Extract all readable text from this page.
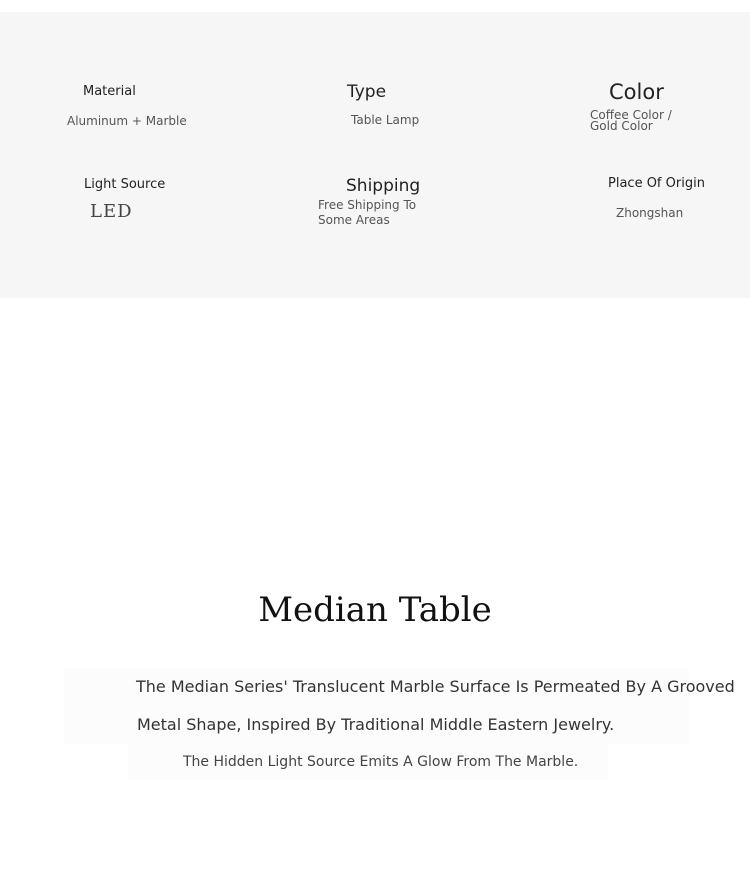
Material
Aluminum + Marble
Type
Table Lamp
Color
Coffee Color / Gold Color
Light Source
LED
Shipping
Free Shipping To Some Areas
Place Of Origin
Zhongshan
Median Table

The Median Series' Translucent Marble Surface Is Permeated By A Grooved

Metal Shape, Inspired By Traditional Middle Eastern Jewelry.

The Hidden Light Source Emits A Glow From The Marble.
